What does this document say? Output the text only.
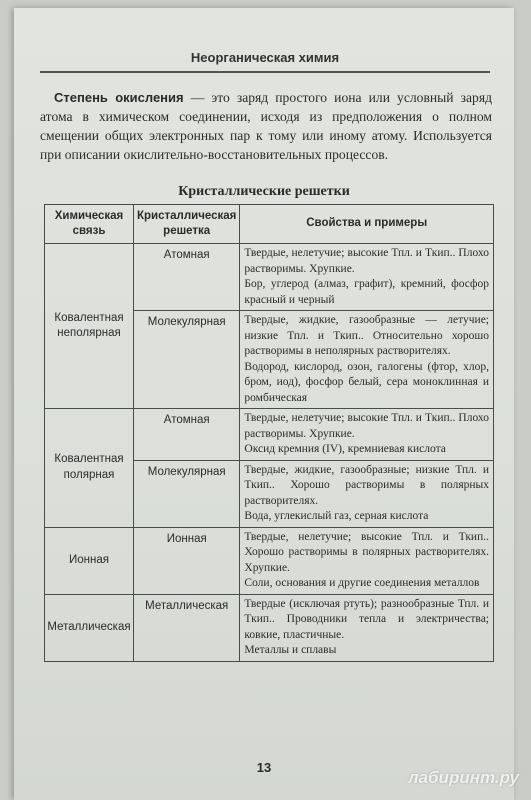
Неорганическая химия
Степень окисления — это заряд простого иона или условный заряд атома в химическом соединении, исходя из предположения о полном смещении общих электронных пар к тому или иному атому. Используется при описании окислительно-восстановительных процессов.
Кристаллические решетки
Химическая связь	Кристаллическая решетка	Свойства и примеры
Ковалентная неполярная	Атомная	Твердые, нелетучие; высокие Тпл. и Ткип.. Плохо растворимы. Хрупкие.

Бор, углерод (алмаз, графит), кремний, фосфор красный и черный

	Молекулярная	Твердые, жидкие, газообразные — летучие; низкие Тпл. и Ткип.. Относительно хорошо растворимы в неполярных растворителях.

Водород, кислород, озон, галогены (фтор, хлор, бром, иод), фосфор белый, сера моноклинная и ромбическая

Ковалентная полярная	Атомная	Твердые, нелетучие; высокие Тпл. и Ткип.. Плохо растворимы. Хрупкие.

Оксид кремния (IV), кремниевая кислота

	Молекулярная	Твердые, жидкие, газообразные; низкие Тпл. и Ткип.. Хорошо растворимы в полярных растворителях.

Вода, углекислый газ, серная кислота

Ионная	Ионная	Твердые, нелетучие; высокие Тпл. и Ткип.. Хорошо растворимы в полярных растворителях. Хрупкие.

Соли, основания и другие соединения металлов

Металлическая	Металлическая	Твердые (исключая ртуть); разнообразные Тпл. и Ткип.. Проводники тепла и электричества; ковкие, пластичные.

Металлы и сплавы

13
лабиринт.ру
